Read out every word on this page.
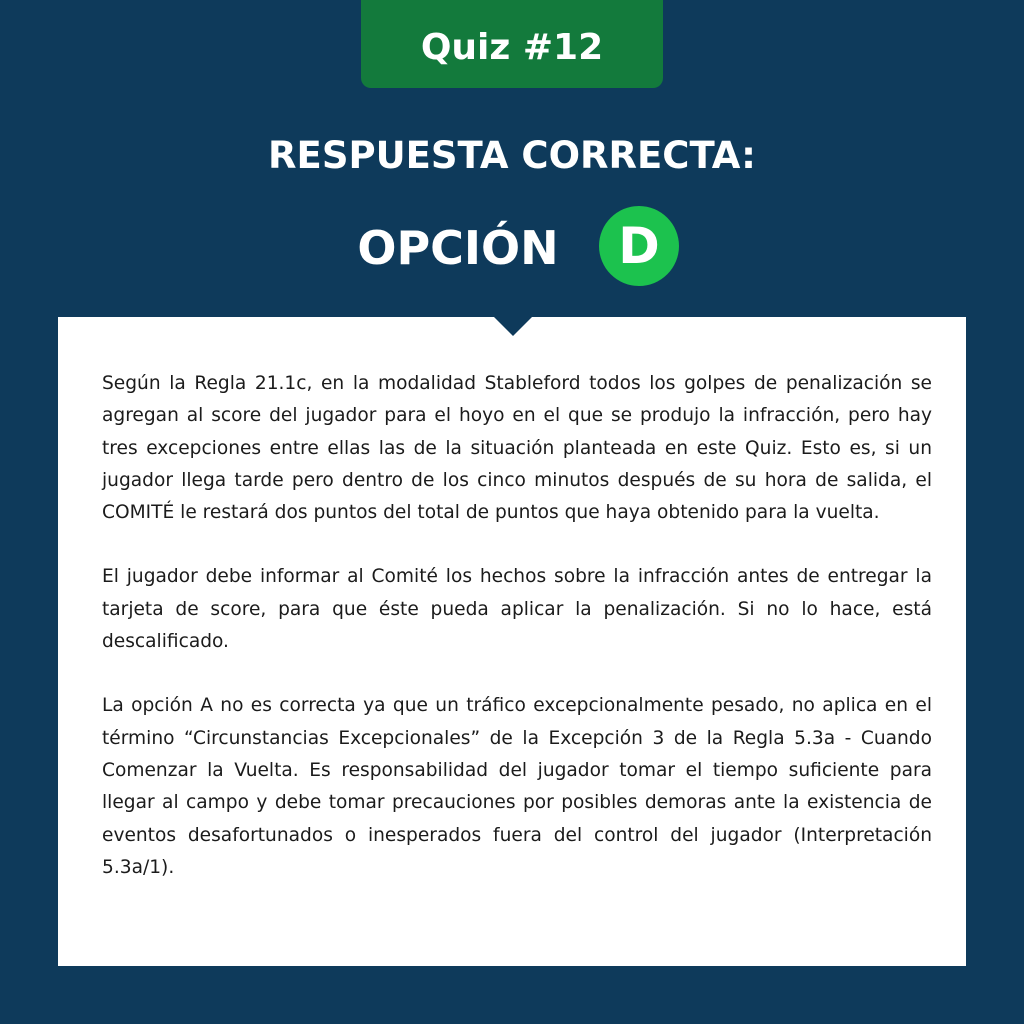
Quiz #12
RESPUESTA CORRECTA:
OPCIÓN	D

Según la Regla 21.1c, en la modalidad Stableford todos los golpes de penalización se agregan al score del jugador para el hoyo en el que se produjo la infracción, pero hay tres excepciones entre ellas las de la situación planteada en este Quiz. Esto es, si un jugador llega tarde pero dentro de los cinco minutos después de su hora de salida, el COMITÉ le restará dos puntos del total de puntos que haya obtenido para la vuelta.

El jugador debe informar al Comité los hechos sobre la infracción antes de entregar la tarjeta de score, para que éste pueda aplicar la penalización. Si no lo hace, está descalificado.

La opción A no es correcta ya que un tráfico excepcionalmente pesado, no aplica en el término “Circunstancias Excepcionales” de la Excepción 3 de la Regla 5.3a - Cuando Comenzar la Vuelta. Es responsabilidad del jugador tomar el tiempo suficiente para llegar al campo y debe tomar precauciones por posibles demoras ante la existencia de eventos desafortunados o inesperados fuera del control del jugador (Interpretación 5.3a/1).
